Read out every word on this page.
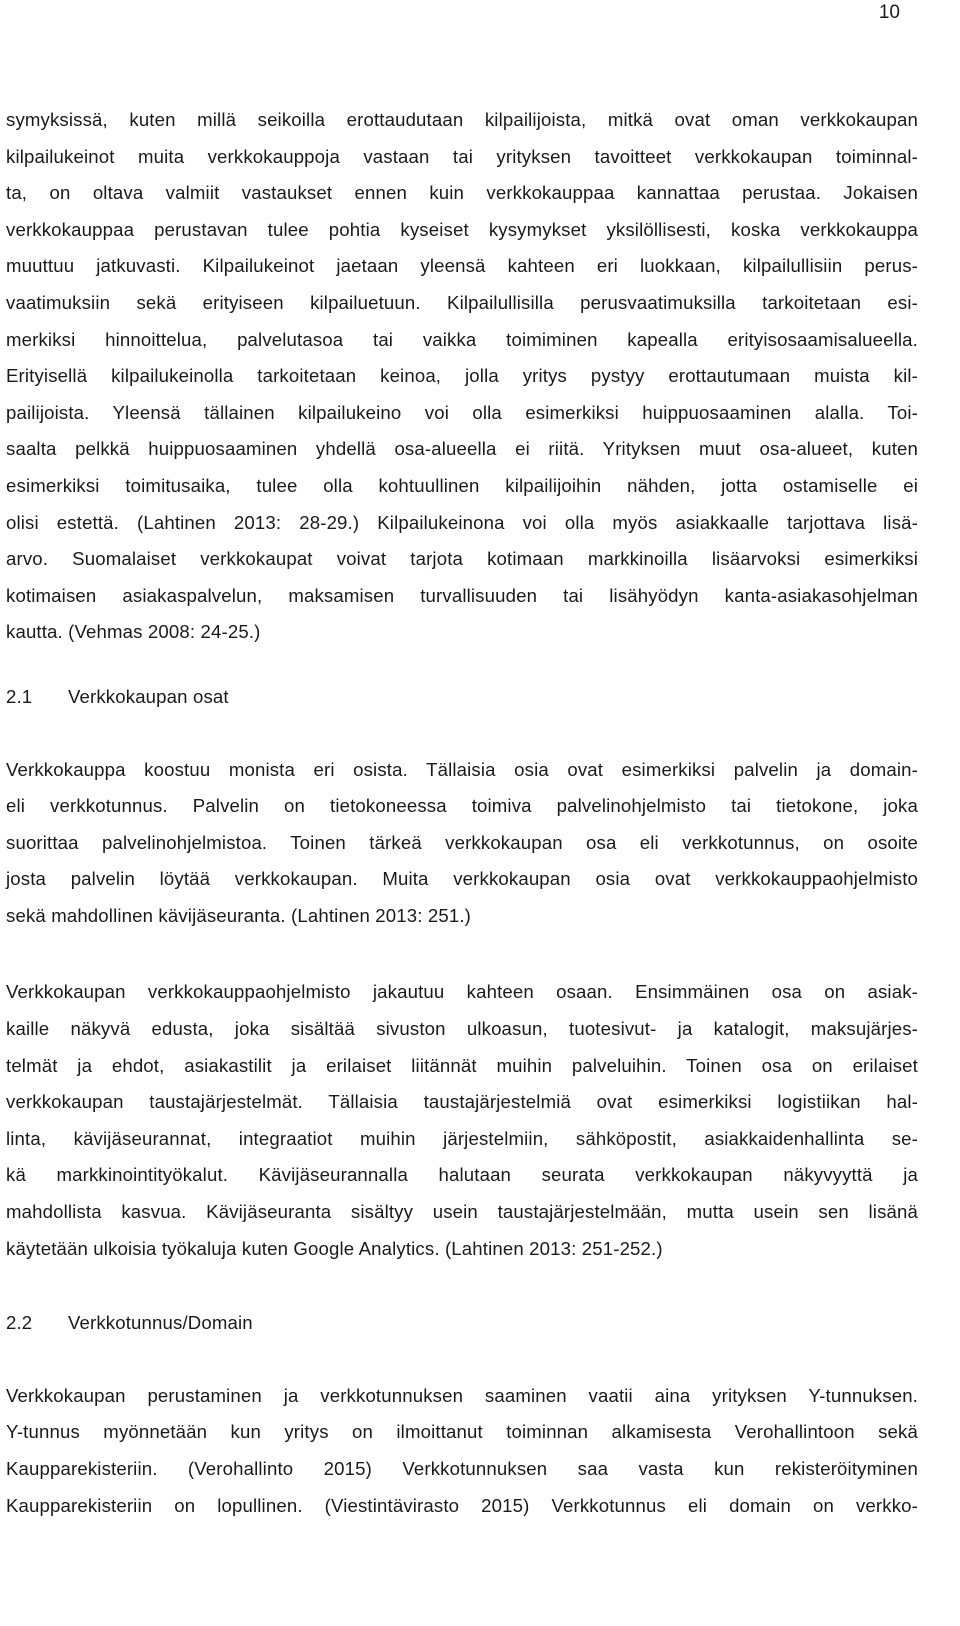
10
symyksissä, kuten millä seikoilla erottaudutaan kilpailijoista, mitkä ovat oman verkkokaupan
kilpailukeinot muita verkkokauppoja vastaan tai yrityksen tavoitteet verkkokaupan toiminnal-
ta, on oltava valmiit vastaukset ennen kuin verkkokauppaa kannattaa perustaa. Jokaisen
verkkokauppaa perustavan tulee pohtia kyseiset kysymykset yksilöllisesti, koska verkkokauppa
muuttuu jatkuvasti. Kilpailukeinot jaetaan yleensä kahteen eri luokkaan, kilpailullisiin perus-
vaatimuksiin sekä erityiseen kilpailuetuun. Kilpailullisilla perusvaatimuksilla tarkoitetaan esi-
merkiksi hinnoittelua, palvelutasoa tai vaikka toimiminen kapealla erityisosaamisalueella.
Erityisellä kilpailukeinolla tarkoitetaan keinoa, jolla yritys pystyy erottautumaan muista kil-
pailijoista. Yleensä tällainen kilpailukeino voi olla esimerkiksi huippuosaaminen alalla. Toi-
saalta pelkkä huippuosaaminen yhdellä osa-alueella ei riitä. Yrityksen muut osa-alueet, kuten
esimerkiksi toimitusaika, tulee olla kohtuullinen kilpailijoihin nähden, jotta ostamiselle ei
olisi estettä. (Lahtinen 2013: 28-29.) Kilpailukeinona voi olla myös asiakkaalle tarjottava lisä-
arvo. Suomalaiset verkkokaupat voivat tarjota kotimaan markkinoilla lisäarvoksi esimerkiksi
kotimaisen asiakaspalvelun, maksamisen turvallisuuden tai lisähyödyn kanta-asiakasohjelman
kautta. (Vehmas 2008: 24-25.)
2.1 Verkkokaupan osat
Verkkokauppa koostuu monista eri osista. Tällaisia osia ovat esimerkiksi palvelin ja domain-
eli verkkotunnus. Palvelin on tietokoneessa toimiva palvelinohjelmisto tai tietokone, joka
suorittaa palvelinohjelmistoa. Toinen tärkeä verkkokaupan osa eli verkkotunnus, on osoite
josta palvelin löytää verkkokaupan. Muita verkkokaupan osia ovat verkkokauppaohjelmisto
sekä mahdollinen kävijäseuranta. (Lahtinen 2013: 251.)
Verkkokaupan verkkokauppaohjelmisto jakautuu kahteen osaan. Ensimmäinen osa on asiak-
kaille näkyvä edusta, joka sisältää sivuston ulkoasun, tuotesivut- ja katalogit, maksujärjes-
telmät ja ehdot, asiakastilit ja erilaiset liitännät muihin palveluihin. Toinen osa on erilaiset
verkkokaupan taustajärjestelmät. Tällaisia taustajärjestelmiä ovat esimerkiksi logistiikan hal-
linta, kävijäseurannat, integraatiot muihin järjestelmiin, sähköpostit, asiakkaidenhallinta se-
kä markkinointityökalut. Kävijäseurannalla halutaan seurata verkkokaupan näkyvyyttä ja
mahdollista kasvua. Kävijäseuranta sisältyy usein taustajärjestelmään, mutta usein sen lisänä
käytetään ulkoisia työkaluja kuten Google Analytics. (Lahtinen 2013: 251-252.)
2.2 Verkkotunnus/Domain
Verkkokaupan perustaminen ja verkkotunnuksen saaminen vaatii aina yrityksen Y-tunnuksen.
Y-tunnus myönnetään kun yritys on ilmoittanut toiminnan alkamisesta Verohallintoon sekä
Kaupparekisteriin. (Verohallinto 2015) Verkkotunnuksen saa vasta kun rekisteröityminen
Kaupparekisteriin on lopullinen. (Viestintävirasto 2015) Verkkotunnus eli domain on verkko-
